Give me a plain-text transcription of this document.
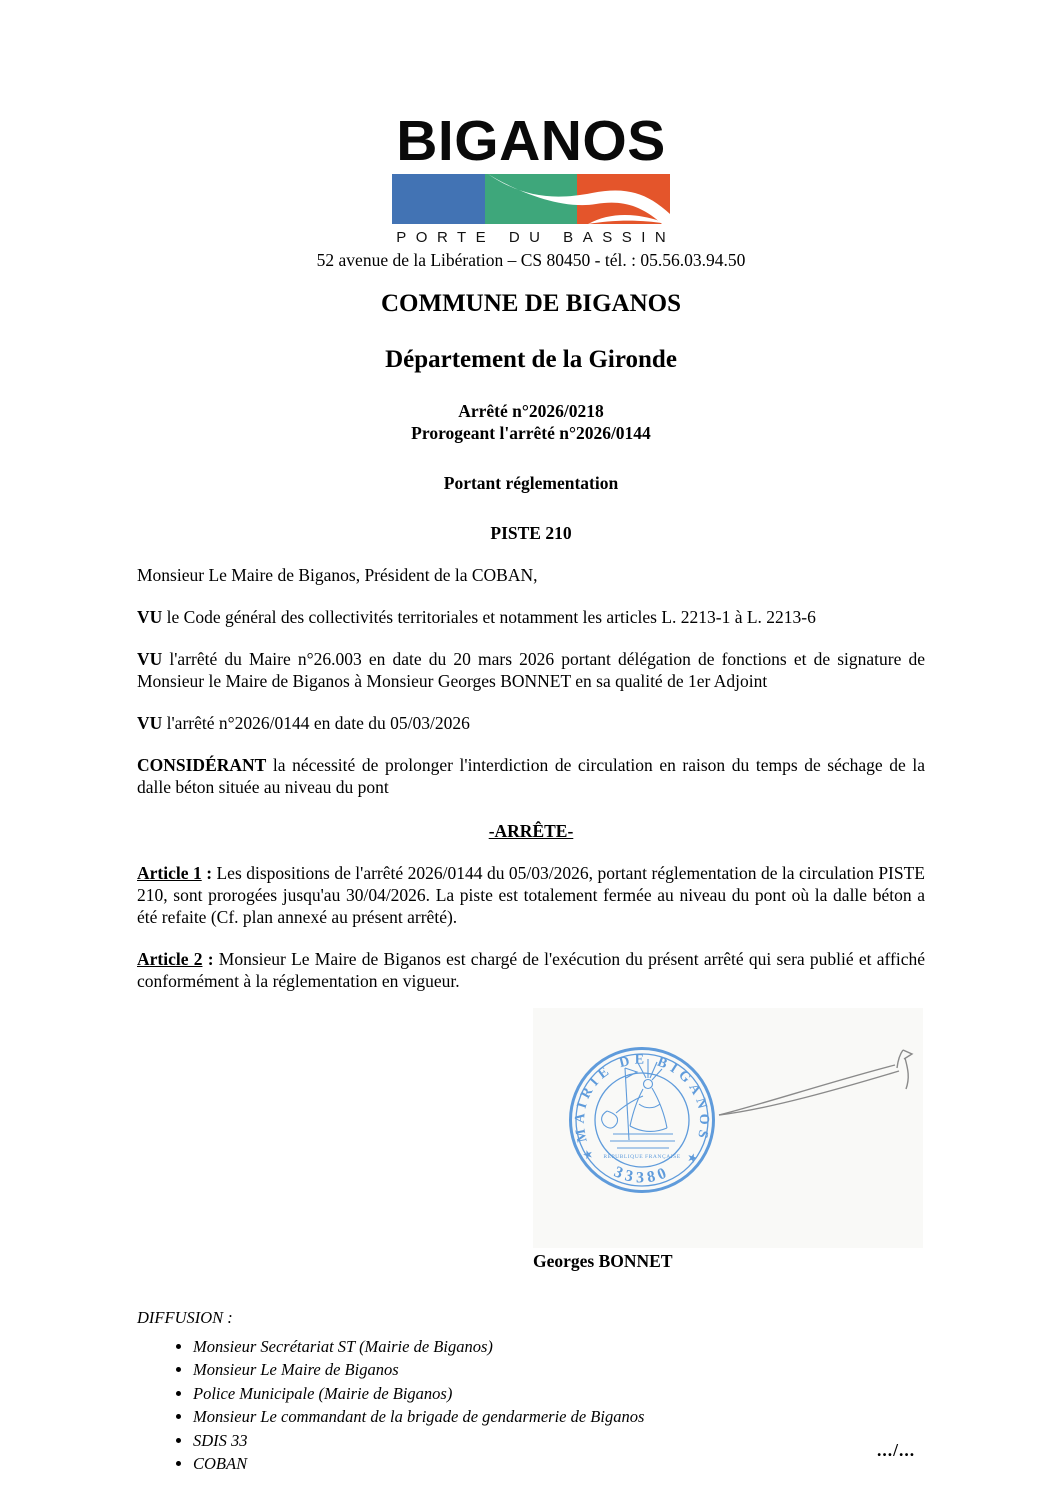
BIGANOS
PORTE DU BASSIN
52 avenue de la Libération – CS 80450 - tél. : 05.56.03.94.50
COMMUNE DE BIGANOS
Département de la Gironde
Arrêté n°2026/0218
Prorogeant l'arrêté n°2026/0144
Portant réglementation
PISTE 210

Monsieur Le Maire de Biganos, Président de la COBAN,

VU le Code général des collectivités territoriales et notamment les articles L. 2213-1 à L. 2213-6

VU l'arrêté du Maire n°26.003 en date du 20 mars 2026 portant délégation de fonctions et de signature de Monsieur le Maire de Biganos à Monsieur Georges BONNET en sa qualité de 1er Adjoint

VU l'arrêté n°2026/0144 en date du 05/03/2026

CONSIDÉRANT la nécessité de prolonger l'interdiction de circulation en raison du temps de séchage de la dalle béton située au niveau du pont

-ARRÊTE-

Article 1 : Les dispositions de l'arrêté 2026/0144 du 05/03/2026, portant réglementation de la circulation PISTE 210, sont prorogées jusqu'au 30/04/2026. La piste est totalement fermée au niveau du pont où la dalle béton a été refaite (Cf. plan annexé au présent arrêté).

Article 2 : Monsieur Le Maire de Biganos est chargé de l'exécution du présent arrêté qui sera publié et affiché conformément à la réglementation en vigueur.

MAIRIE DE BIGANOS
33380
★	★
REPUBLIQUE FRANÇAISE
Georges BONNET
DIFFUSION :
• Monsieur Secrétariat ST (Mairie de Biganos)
• Monsieur Le Maire de Biganos
• Police Municipale (Mairie de Biganos)
• Monsieur Le commandant de la brigade de gendarmerie de Biganos
• SDIS 33
• COBAN
.../...
